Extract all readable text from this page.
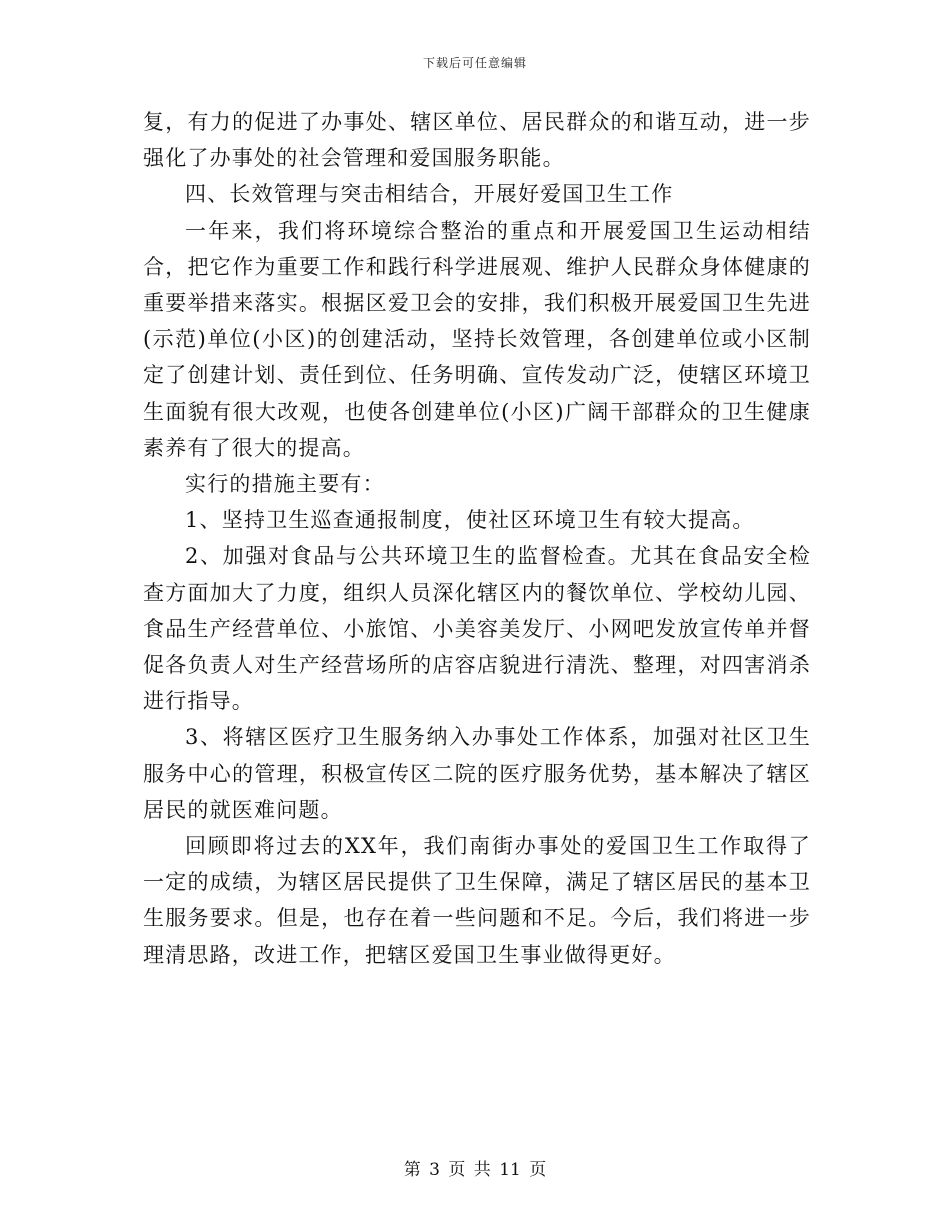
下载后可任意编辑

复，有力的促进了办事处、辖区单位、居民群众的和谐互动，进一步强化了办事处的社会管理和爱国服务职能。

四、长效管理与突击相结合，开展好爱国卫生工作

一年来，我们将环境综合整治的重点和开展爱国卫生运动相结合，把它作为重要工作和践行科学进展观、维护人民群众身体健康的重要举措来落实。根据区爱卫会的安排，我们积极开展爱国卫生先进(示范)单位(小区)的创建活动，坚持长效管理，各创建单位或小区制定了创建计划、责任到位、任务明确、宣传发动广泛，使辖区环境卫生面貌有很大改观，也使各创建单位(小区)广阔干部群众的卫生健康素养有了很大的提高。

实行的措施主要有：

1、坚持卫生巡查通报制度，使社区环境卫生有较大提高。

2、加强对食品与公共环境卫生的监督检查。尤其在食品安全检查方面加大了力度，组织人员深化辖区内的餐饮单位、学校幼儿园、食品生产经营单位、小旅馆、小美容美发厅、小网吧发放宣传单并督促各负责人对生产经营场所的店容店貌进行清洗、整理，对四害消杀进行指导。

3、将辖区医疗卫生服务纳入办事处工作体系，加强对社区卫生服务中心的管理，积极宣传区二院的医疗服务优势，基本解决了辖区居民的就医难问题。

回顾即将过去的XX年，我们南街办事处的爱国卫生工作取得了一定的成绩，为辖区居民提供了卫生保障，满足了辖区居民的基本卫生服务要求。但是，也存在着一些问题和不足。今后，我们将进一步理清思路，改进工作，把辖区爱国卫生事业做得更好。

第 3 页 共 11 页
